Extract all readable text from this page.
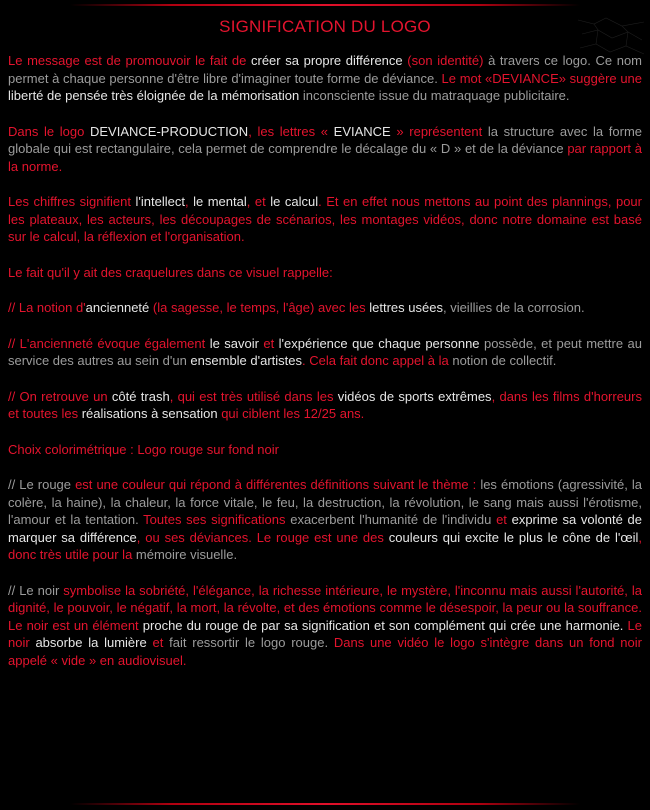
SIGNIFICATION DU LOGO

Le message est de promouvoir le fait de créer sa propre différence (son identité) à travers ce logo. Ce nom permet à chaque personne d'être libre d'imaginer toute forme de déviance. Le mot «DEVIANCE» suggère une liberté de pensée très éloignée de la mémorisation inconsciente issue du matraquage publicitaire.

Dans le logo DEVIANCE-PRODUCTION, les lettres « EVIANCE » représentent la structure avec la forme globale qui est rectangulaire, cela permet de comprendre le décalage du « D » et de la déviance par rapport à la norme.

Les chiffres signifient l'intellect, le mental, et le calcul. Et en effet nous mettons au point des plannings, pour les plateaux, les acteurs, les découpages de scénarios, les montages vidéos, donc notre domaine est basé sur le calcul, la réflexion et l'organisation.

Le fait qu'il y ait des craquelures dans ce visuel rappelle:

// La notion d'ancienneté (la sagesse, le temps, l'âge) avec les lettres usées, vieillies de la corrosion.

// L'ancienneté évoque également le savoir et l'expérience que chaque personne possède, et peut mettre au service des autres au sein d'un ensemble d'artistes. Cela fait donc appel à la notion de collectif.

// On retrouve un côté trash, qui est très utilisé dans les vidéos de sports extrêmes, dans les films d'horreurs et toutes les réalisations à sensation qui ciblent les 12/25 ans.

Choix colorimétrique : Logo rouge sur fond noir

// Le rouge est une couleur qui répond à différentes définitions suivant le thème : les émotions (agressivité, la colère, la haine), la chaleur, la force vitale, le feu, la destruction, la révolution, le sang mais aussi l'érotisme, l'amour et la tentation. Toutes ses significations exacerbent l'humanité de l'individu et exprime sa volonté de marquer sa différence, ou ses déviances. Le rouge est une des couleurs qui excite le plus le cône de l'œil, donc très utile pour la mémoire visuelle.

// Le noir symbolise la sobriété, l'élégance, la richesse intérieure, le mystère, l'inconnu mais aussi l'autorité, la dignité, le pouvoir, le négatif, la mort, la révolte, et des émotions comme le désespoir, la peur ou la souffrance. Le noir est un élément proche du rouge de par sa signification et son complément qui crée une harmonie. Le noir absorbe la lumière et fait ressortir le logo rouge. Dans une vidéo le logo s'intègre dans un fond noir appelé « vide » en audiovisuel.
